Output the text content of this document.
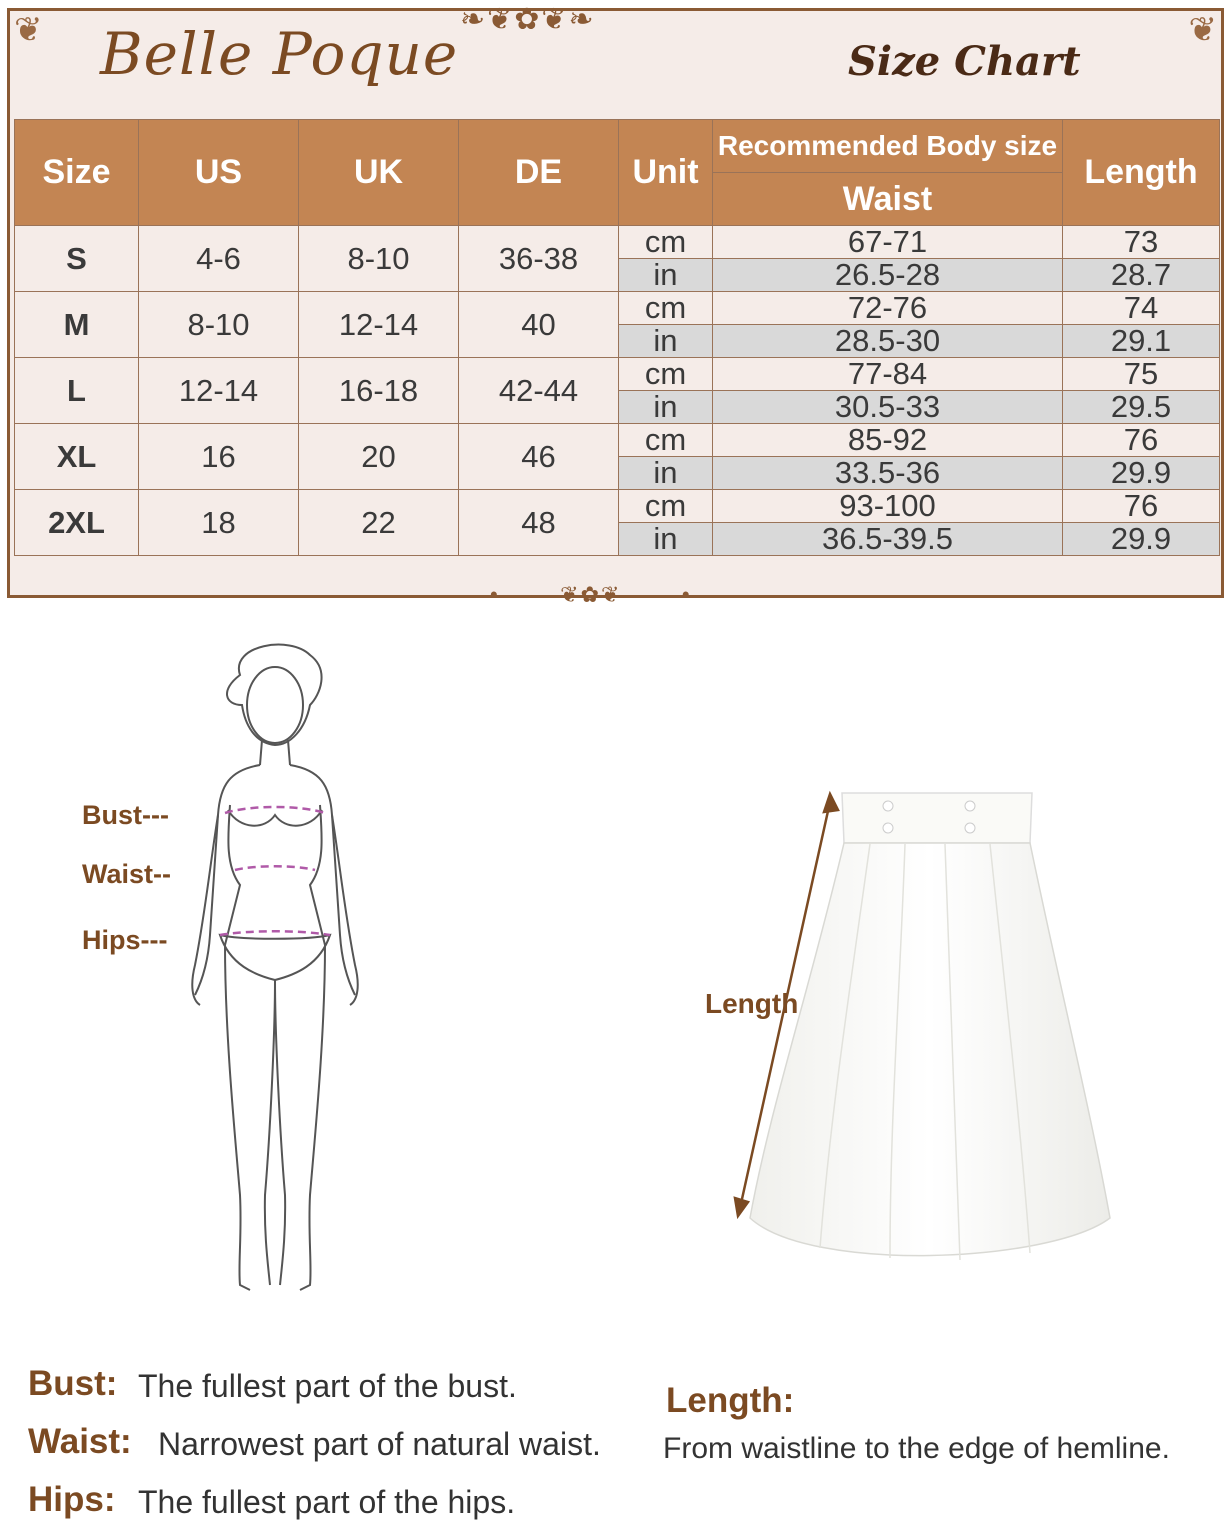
❦	❦
❧❦✿❦❧
Belle Poque	Size Chart
Size	US	UK	DE	Unit	Recommended Body size	Length
					Waist	
S	4-6	8-10	36-38	cm	67-71	73
				in	26.5-28	28.7
M	8-10	12-14	40	cm	72-76	74
				in	28.5-30	29.1
L	12-14	16-18	42-44	cm	77-84	75
				in	30.5-33	29.5
XL	16	20	46	cm	85-92	76
				in	33.5-36	29.9
2XL	18	22	48	cm	93-100	76
				in	36.5-39.5	29.9
• - - - ❦✿❦ - - - •
Bust---
Waist--
Hips---
Length
Bust: The fullest part of the bust.
Waist: Narrowest part of natural waist.
Hips: The fullest part of the hips.
Length:
From waistline to the edge of hemline.
